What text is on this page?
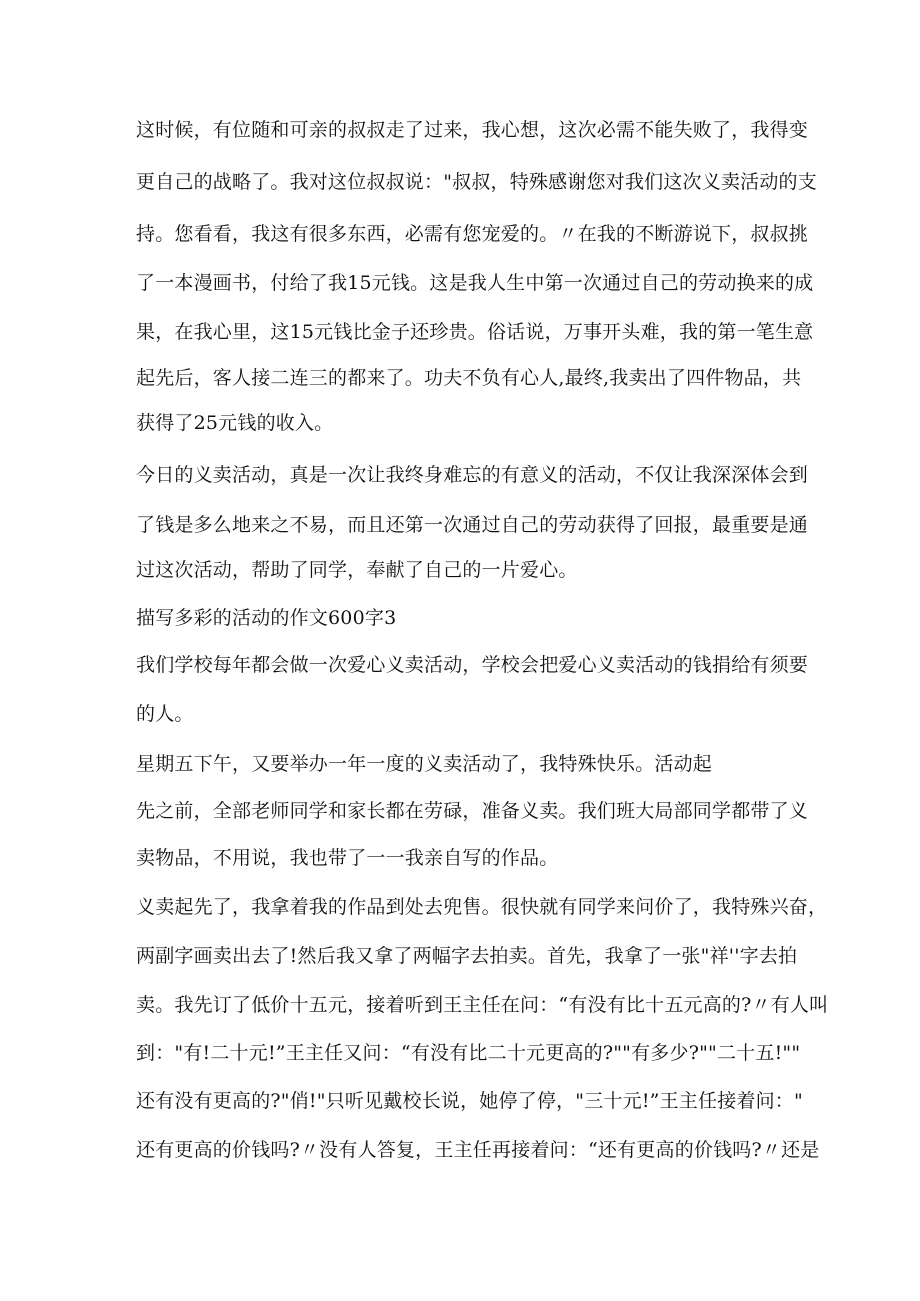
这时候，有位随和可亲的叔叔走了过来，我心想，这次必需不能失败了，我得变
更自己的战略了。我对这位叔叔说："叔叔，特殊感谢您对我们这次义卖活动的支
持。您看看，我这有很多东西，必需有您宠爱的。〃在我的不断游说下，叔叔挑
了一本漫画书，付给了我15元钱。这是我人生中第一次通过自己的劳动换来的成
果，在我心里，这15元钱比金子还珍贵。俗话说，万事开头难，我的第一笔生意
起先后，客人接二连三的都来了。功夫不负有心人,最终,我卖出了四件物品，共
获得了25元钱的收入。
今日的义卖活动，真是一次让我终身难忘的有意义的活动，不仅让我深深体会到
了钱是多么地来之不易，而且还第一次通过自己的劳动获得了回报，最重要是通
过这次活动，帮助了同学，奉献了自己的一片爱心。
描写多彩的活动的作文600字3
我们学校每年都会做一次爱心义卖活动，学校会把爱心义卖活动的钱捐给有须要
的人。
星期五下午，又要举办一年一度的义卖活动了，我特殊快乐。活动起
先之前，全部老师同学和家长都在劳碌，准备义卖。我们班大局部同学都带了义
卖物品，不用说，我也带了一一我亲自写的作品。
义卖起先了，我拿着我的作品到处去兜售。很快就有同学来问价了，我特殊兴奋，
两副字画卖出去了!然后我又拿了两幅字去拍卖。首先，我拿了一张"祥''字去拍
卖。我先订了低价十五元，接着听到王主任在问：“有没有比十五元高的?〃有人叫
到："有!二十元!”王主任又问：“有没有比二十元更高的?""有多少?""二十五!""
还有没有更高的?"俏!"只听见戴校长说，她停了停，"三十元!”王主任接着问："
还有更高的价钱吗?〃没有人答复，王主任再接着问：“还有更高的价钱吗?〃还是
